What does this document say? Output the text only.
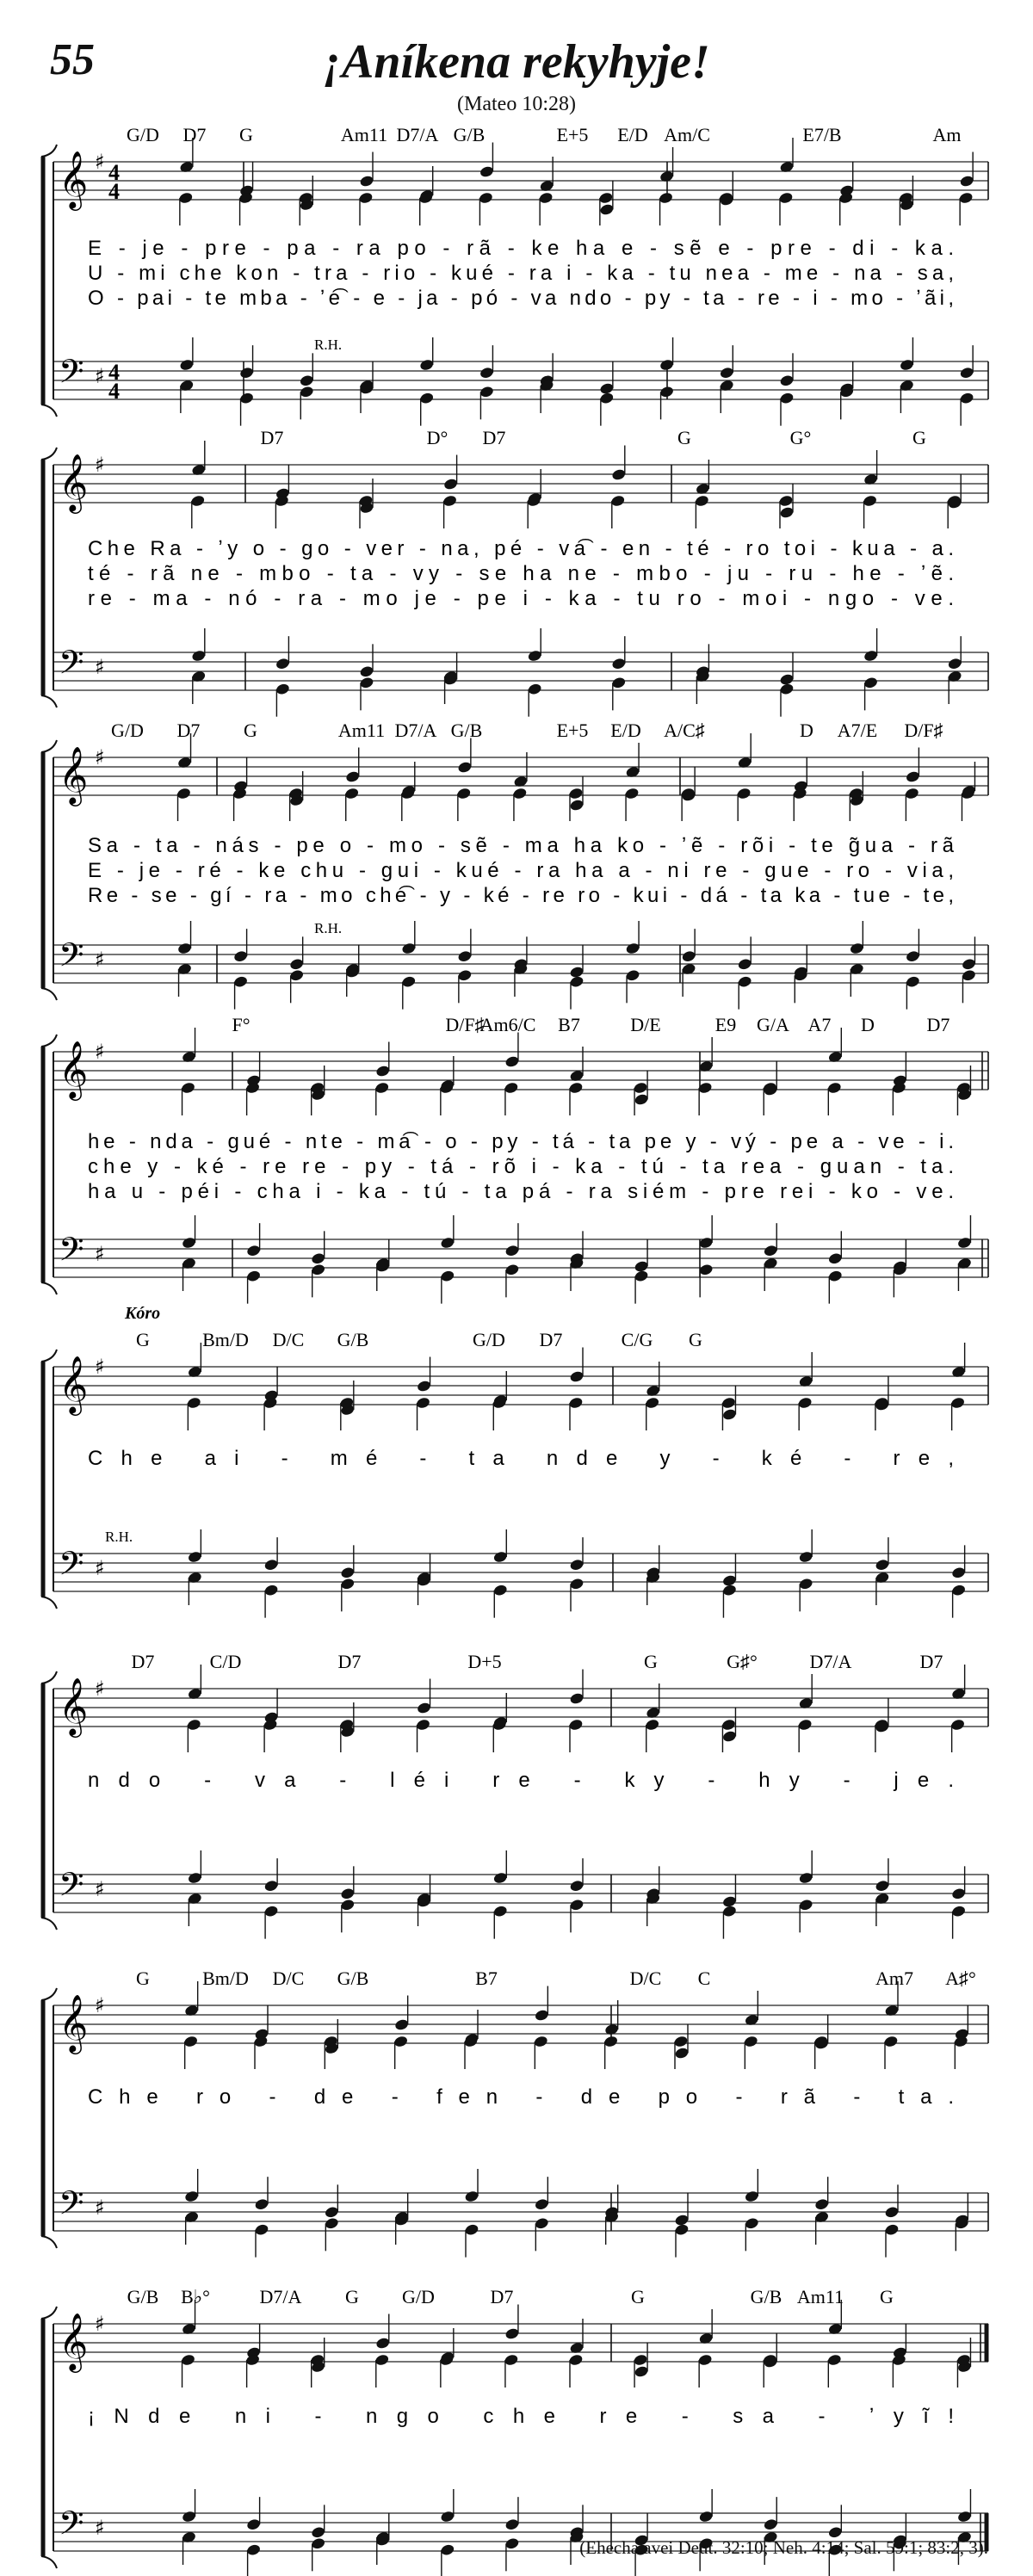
55	¡Aníkena rekyhyje!
(Mateo 10:28)
𝄞
𝄢
♯
♯
4
4
4
4
G/D D7 G	Am11 D7/A G/B	E+5 E/D Am/C	E7/B	Am
R.H.
E - je - pre - pa - ra po - rã - ke ha e - sẽ e - pre - di - ka.
U - mi che kon - tra - rio - kué - ra i - ka - tu nea - me - na - sa,
O - pai - te mba - ʼe͡ - e - ja - pó - va ndo - py - ta - re - i - mo - ʼãi,
𝄞
𝄢
♯
♯
D7	D° D7	G	G°	G
Che Ra - ʼy o - go - ver - na, pé - va͡ - en - té - ro toi - kua - a.
té - rã ne - mbo - ta - vy - se ha ne - mbo - ju - ru - he - ʼẽ.
re - ma - nó - ra - mo je - pe i - ka - tu ro - moi - ngo - ve.
𝄞
𝄢
♯
♯
G/D D7 G	Am11 D7/A G/B	E+5 E/D A/C♯	D A7/E D/F♯
R.H.
Sa - ta - nás - pe o - mo - sẽ - ma ha ko - ʼẽ - rõi - te g̃ua - rã
E - je - ré - ke chu - gui - kué - ra ha a - ni re - gue - ro - via,
Re - se - gí - ra - mo che͡ - y - ké - re ro - kui - dá - ta ka - tue - te,
𝄞
𝄢
♯
♯
F°	D/F♯
Am6/C B7	D/E	E9 G/A A7 D	D7
he - nda - gué - nte - ma͡ - o - py - tá - ta pe y - vý - pe a - ve - i.
che y - ké - re re - py - tá - rõ i - ka - tú - ta rea - guan - ta.
ha u - péi - cha i - ka - tú - ta pá - ra siém - pre rei - ko - ve.
𝄞
𝄢
♯
♯
G	Bm/D D/C G/B	G/D D7	C/G G
Kóro
R.H.
Che ai - mé - ta nde y - ké - re,
𝄞
𝄢
♯
♯
D7	C/D	D7	D+5	G	G♯°	D7/A	D7
ndo - va - léi re - ky - hy - je.
𝄞
𝄢
♯
♯
G	Bm/D D/C G/B	B7	D/C C	Am7 A♯°
Che ro - de - fen - de po - rã - ta.
𝄞
𝄢
♯
♯
G/B B♭°	D7/A G G/D	D7	G	G/B Am11 G
¡Nde ni - ngo che re - sa - ʼyĩ!
(Ehecha avei Deut. 32:10; Neh. 4:14; Sal. 59:1; 83:2, 3).
